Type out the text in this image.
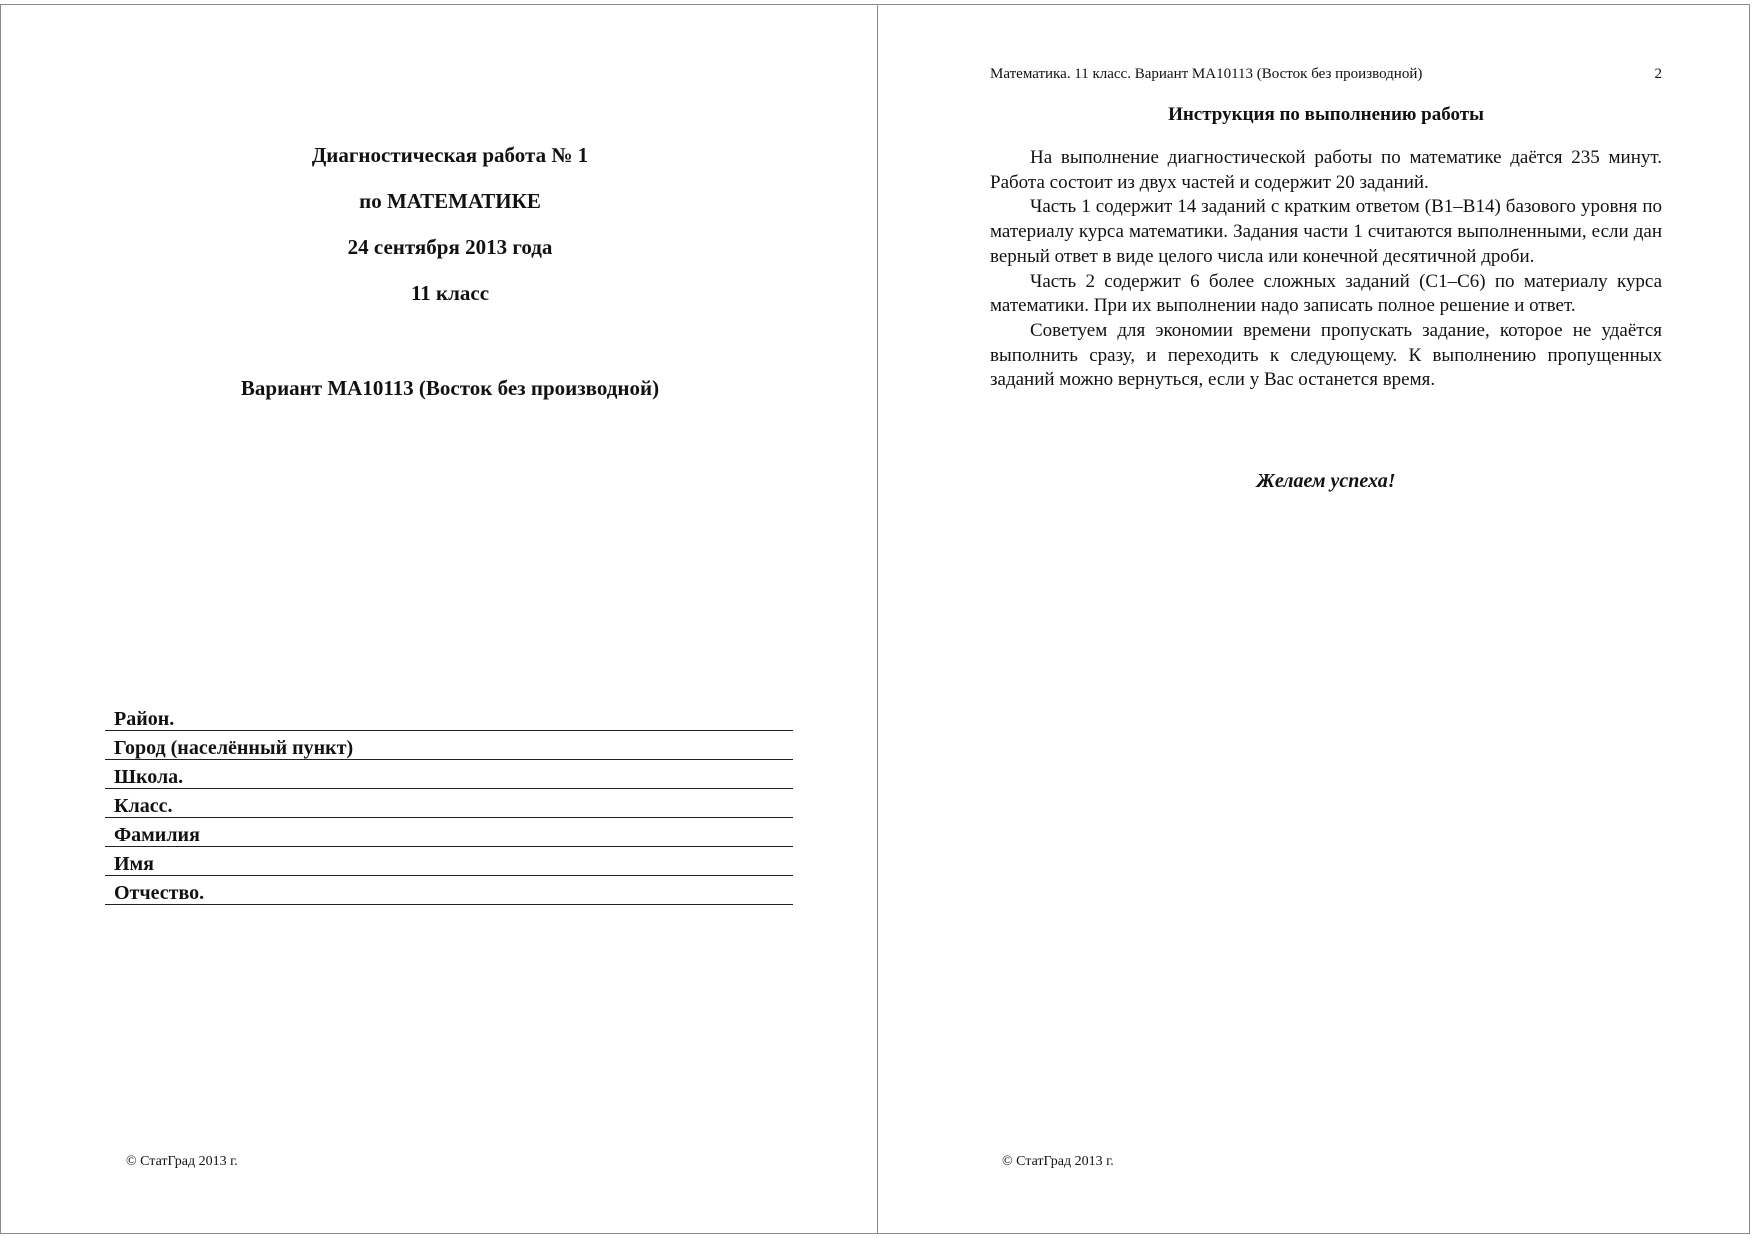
Диагностическая работа № 1
по МАТЕМАТИКЕ
24 сентября 2013 года
11 класс
Вариант МА10113 (Восток без производной)
Район.
Город (населённый пункт)
Школа.
Класс.
Фамилия
Имя
Отчество.
© СтатГрад 2013 г.
Математика. 11 класс. Вариант МА10113 (Восток без производной)	2
Инструкция по выполнению работы

На выполнение диагностической работы по математике даётся 235 минут. Работа состоит из двух частей и содержит 20 заданий.

Часть 1 содержит 14 заданий с кратким ответом (B1–B14) базового уровня по материалу курса математики. Задания части 1 считаются выполненными, если дан верный ответ в виде целого числа или конечной десятичной дроби.

Часть 2 содержит 6 более сложных заданий (C1–C6) по материалу курса математики. При их выполнении надо записать полное решение и ответ.

Советуем для экономии времени пропускать задание, которое не удаётся выполнить сразу, и переходить к следующему. К выполнению пропущенных заданий можно вернуться, если у Вас останется время.

Желаем успеха!
© СтатГрад 2013 г.
